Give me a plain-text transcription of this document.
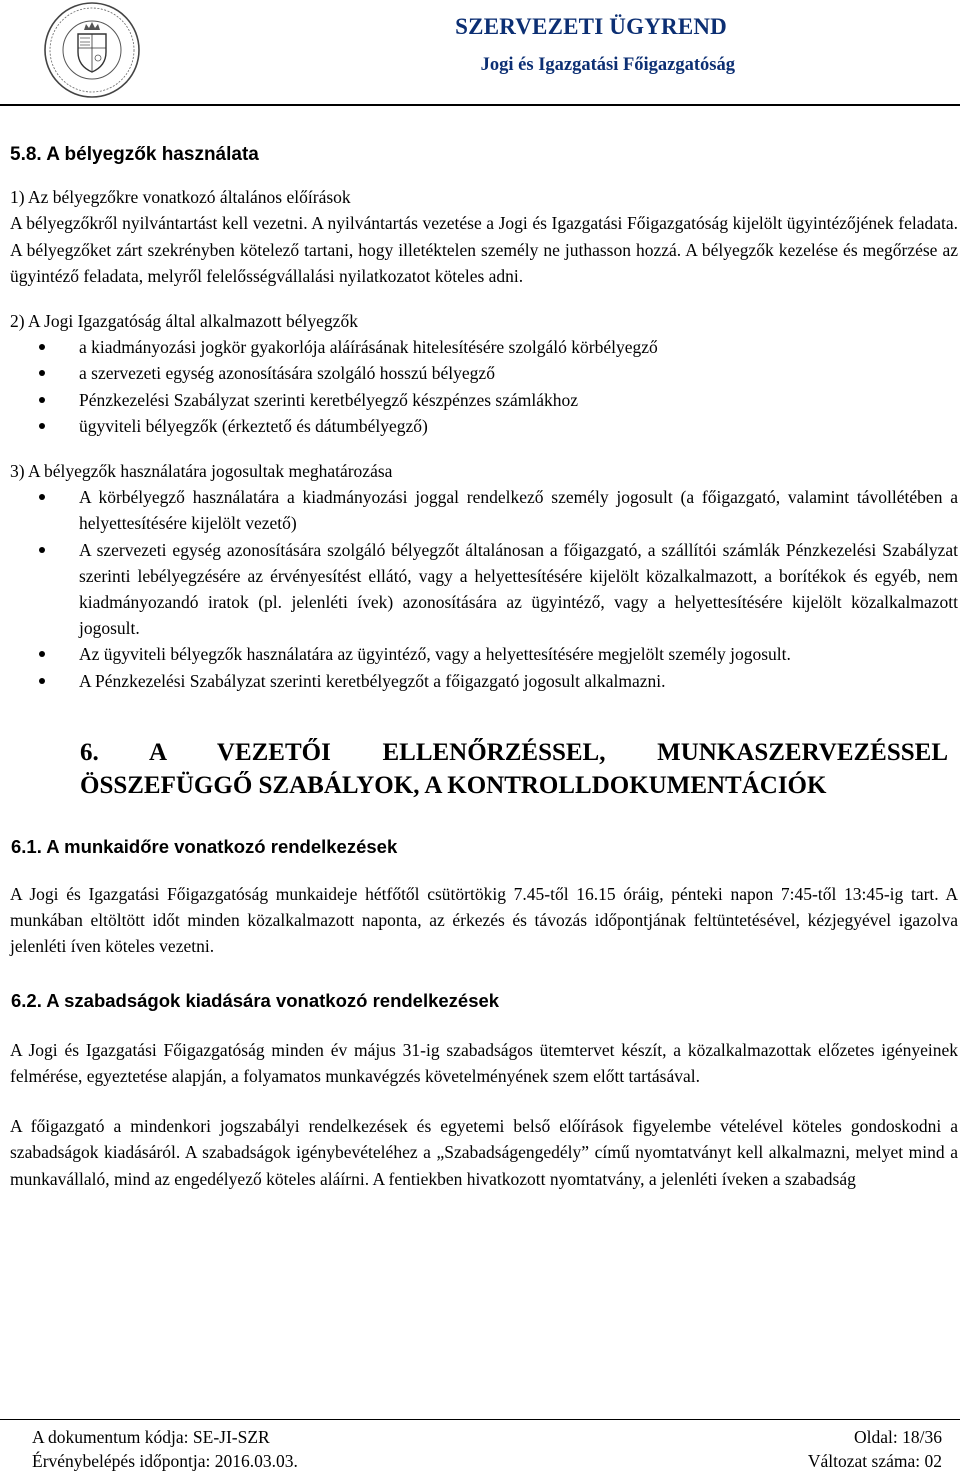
SZERVEZETI ÜGYREND
Jogi és Igazgatási Főigazgatóság

5.8. A bélyegzők használata

1) Az bélyegzőkre vonatkozó általános előírások

A bélyegzőkről nyilvántartást kell vezetni. A nyilvántartás vezetése a Jogi és Igazgatási Főigazgatóság kijelölt ügyintézőjének feladata. A bélyegzőket zárt szekrényben kötelező tartani, hogy illetéktelen személy ne juthasson hozzá. A bélyegzők kezelése és megőrzése az ügyintéző feladata, melyről felelősségvállalási nyilatkozatot köteles adni.

2) A Jogi Igazgatóság által alkalmazott bélyegzők

a kiadmányozási jogkör gyakorlója aláírásának hitelesítésére szolgáló körbélyegző
a szervezeti egység azonosítására szolgáló hosszú bélyegző
Pénzkezelési Szabályzat szerinti keretbélyegző készpénzes számlákhoz
ügyviteli bélyegzők (érkeztető és dátumbélyegző)

3) A bélyegzők használatára jogosultak meghatározása

A körbélyegző használatára a kiadmányozási joggal rendelkező személy jogosult (a főigazgató, valamint távollétében a helyettesítésére kijelölt vezető)
A szervezeti egység azonosítására szolgáló bélyegzőt általánosan a főigazgató, a szállítói számlák Pénzkezelési Szabályzat szerinti lebélyegzésére az érvényesítést ellátó, vagy a helyettesítésére kijelölt közalkalmazott, a borítékok és egyéb, nem kiadmányozandó iratok (pl. jelenléti ívek) azonosítására az ügyintéző, vagy a helyettesítésére kijelölt közalkalmazott jogosult.
Az ügyviteli bélyegzők használatára az ügyintéző, vagy a helyettesítésére megjelölt személy jogosult.
A Pénzkezelési Szabályzat szerinti keretbélyegzőt a főigazgató jogosult alkalmazni.

6. A VEZETŐI ELLENŐRZÉSSEL, MUNKASZERVEZÉSSEL

ÖSSZEFÜGGŐ SZABÁLYOK, A KONTROLLDOKUMENTÁCIÓK

6.1. A munkaidőre vonatkozó rendelkezések

A Jogi és Igazgatási Főigazgatóság munkaideje hétfőtől csütörtökig 7.45-től 16.15 óráig, pénteki napon 7:45-től 13:45-ig tart. A munkában eltöltött időt minden közalkalmazott naponta, az érkezés és távozás időpontjának feltüntetésével, kézjegyével igazolva jelenléti íven köteles vezetni.

6.2. A szabadságok kiadására vonatkozó rendelkezések

A Jogi és Igazgatási Főigazgatóság minden év május 31-ig szabadságos ütemtervet készít, a közalkalmazottak előzetes igényeinek felmérése, egyeztetése alapján, a folyamatos munkavégzés követelményének szem előtt tartásával.

A főigazgató a mindenkori jogszabályi rendelkezések és egyetemi belső előírások figyelembe vételével köteles gondoskodni a szabadságok kiadásáról. A szabadságok igénybevételéhez a „Szabadságengedély” című nyomtatványt kell alkalmazni, melyet mind a munkavállaló, mind az engedélyező köteles aláírni. A fentiekben hivatkozott nyomtatvány, a jelenléti íveken a szabadság

A dokumentum kódja: SE-JI-SZR	Oldal: 18/36
Érvénybelépés időpontja: 2016.03.03.	Változat száma: 02
